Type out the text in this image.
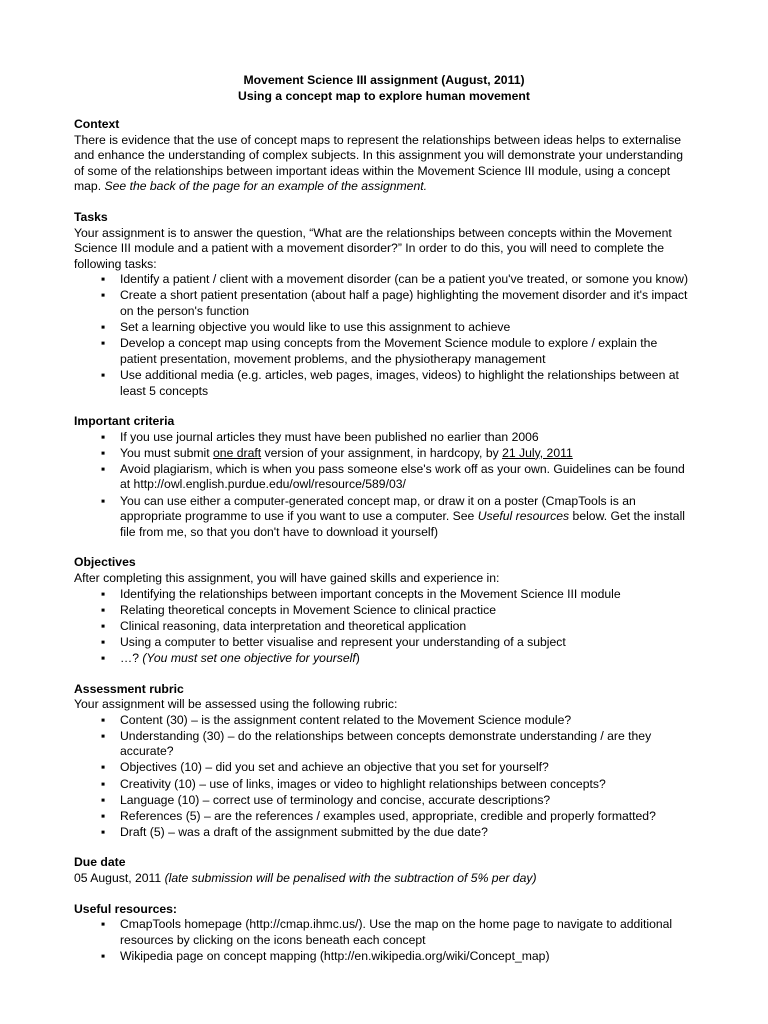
Movement Science III assignment (August, 2011)
Using a concept map to explore human movement
Context

There is evidence that the use of concept maps to represent the relationships between ideas helps to externalise and enhance the understanding of complex subjects. In this assignment you will demonstrate your understanding of some of the relationships between important ideas within the Movement Science III module, using a concept map. See the back of the page for an example of the assignment.

Tasks

Your assignment is to answer the question, “What are the relationships between concepts within the Movement Science III module and a patient with a movement disorder?” In order to do this, you will need to complete the following tasks:

▪ Identify a patient / client with a movement disorder (can be a patient you've treated, or somone you know)
▪ Create a short patient presentation (about half a page) highlighting the movement disorder and it's impact on the person's function
▪ Set a learning objective you would like to use this assignment to achieve
▪ Develop a concept map using concepts from the Movement Science module to explore / explain the patient presentation, movement problems, and the physiotherapy management
▪ Use additional media (e.g. articles, web pages, images, videos) to highlight the relationships between at least 5 concepts
Important criteria
▪ If you use journal articles they must have been published no earlier than 2006
▪ You must submit one draft version of your assignment, in hardcopy, by 21 July, 2011
▪ Avoid plagiarism, which is when you pass someone else's work off as your own. Guidelines can be found at http://owl.english.purdue.edu/owl/resource/589/03/
▪ You can use either a computer-generated concept map, or draw it on a poster (CmapTools is an appropriate programme to use if you want to use a computer. See Useful resources below. Get the install file from me, so that you don't have to download it yourself)
Objectives

After completing this assignment, you will have gained skills and experience in:

▪ Identifying the relationships between important concepts in the Movement Science III module
▪ Relating theoretical concepts in Movement Science to clinical practice
▪ Clinical reasoning, data interpretation and theoretical application
▪ Using a computer to better visualise and represent your understanding of a subject
▪ …? (You must set one objective for yourself)
Assessment rubric

Your assignment will be assessed using the following rubric:

▪ Content (30) – is the assignment content related to the Movement Science module?
▪ Understanding (30) – do the relationships between concepts demonstrate understanding / are they accurate?
▪ Objectives (10) – did you set and achieve an objective that you set for yourself?
▪ Creativity (10) – use of links, images or video to highlight relationships between concepts?
▪ Language (10) – correct use of terminology and concise, accurate descriptions?
▪ References (5) – are the references / examples used, appropriate, credible and properly formatted?
▪ Draft (5) – was a draft of the assignment submitted by the due date?
Due date

05 August, 2011 (late submission will be penalised with the subtraction of 5% per day)

Useful resources:
▪ CmapTools homepage (http://cmap.ihmc.us/). Use the map on the home page to navigate to additional resources by clicking on the icons beneath each concept
▪ Wikipedia page on concept mapping (http://en.wikipedia.org/wiki/Concept_map)
